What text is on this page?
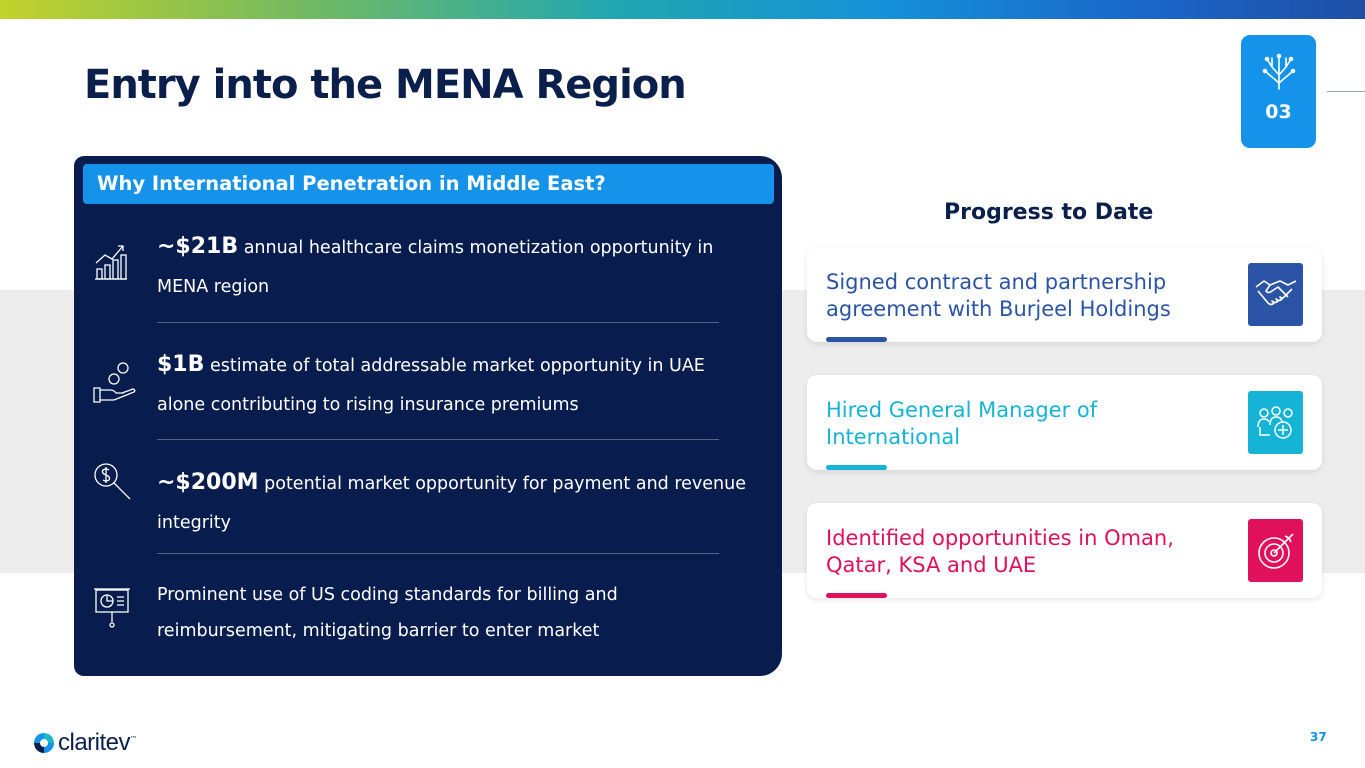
Entry into the MENA Region
03
Why International Penetration in Middle East?
~$21B annual healthcare claims monetization opportunity in MENA region
$1B estimate of total addressable market opportunity in UAE alone contributing to rising insurance premiums
~$200M potential market opportunity for payment and revenue integrity
Prominent use of US coding standards for billing and reimbursement, mitigating barrier to enter market
Progress to Date
Signed contract and partnership agreement with Burjeel Holdings
Hired General Manager of International
Identified opportunities in Oman, Qatar, KSA and UAE
claritev ™	37
